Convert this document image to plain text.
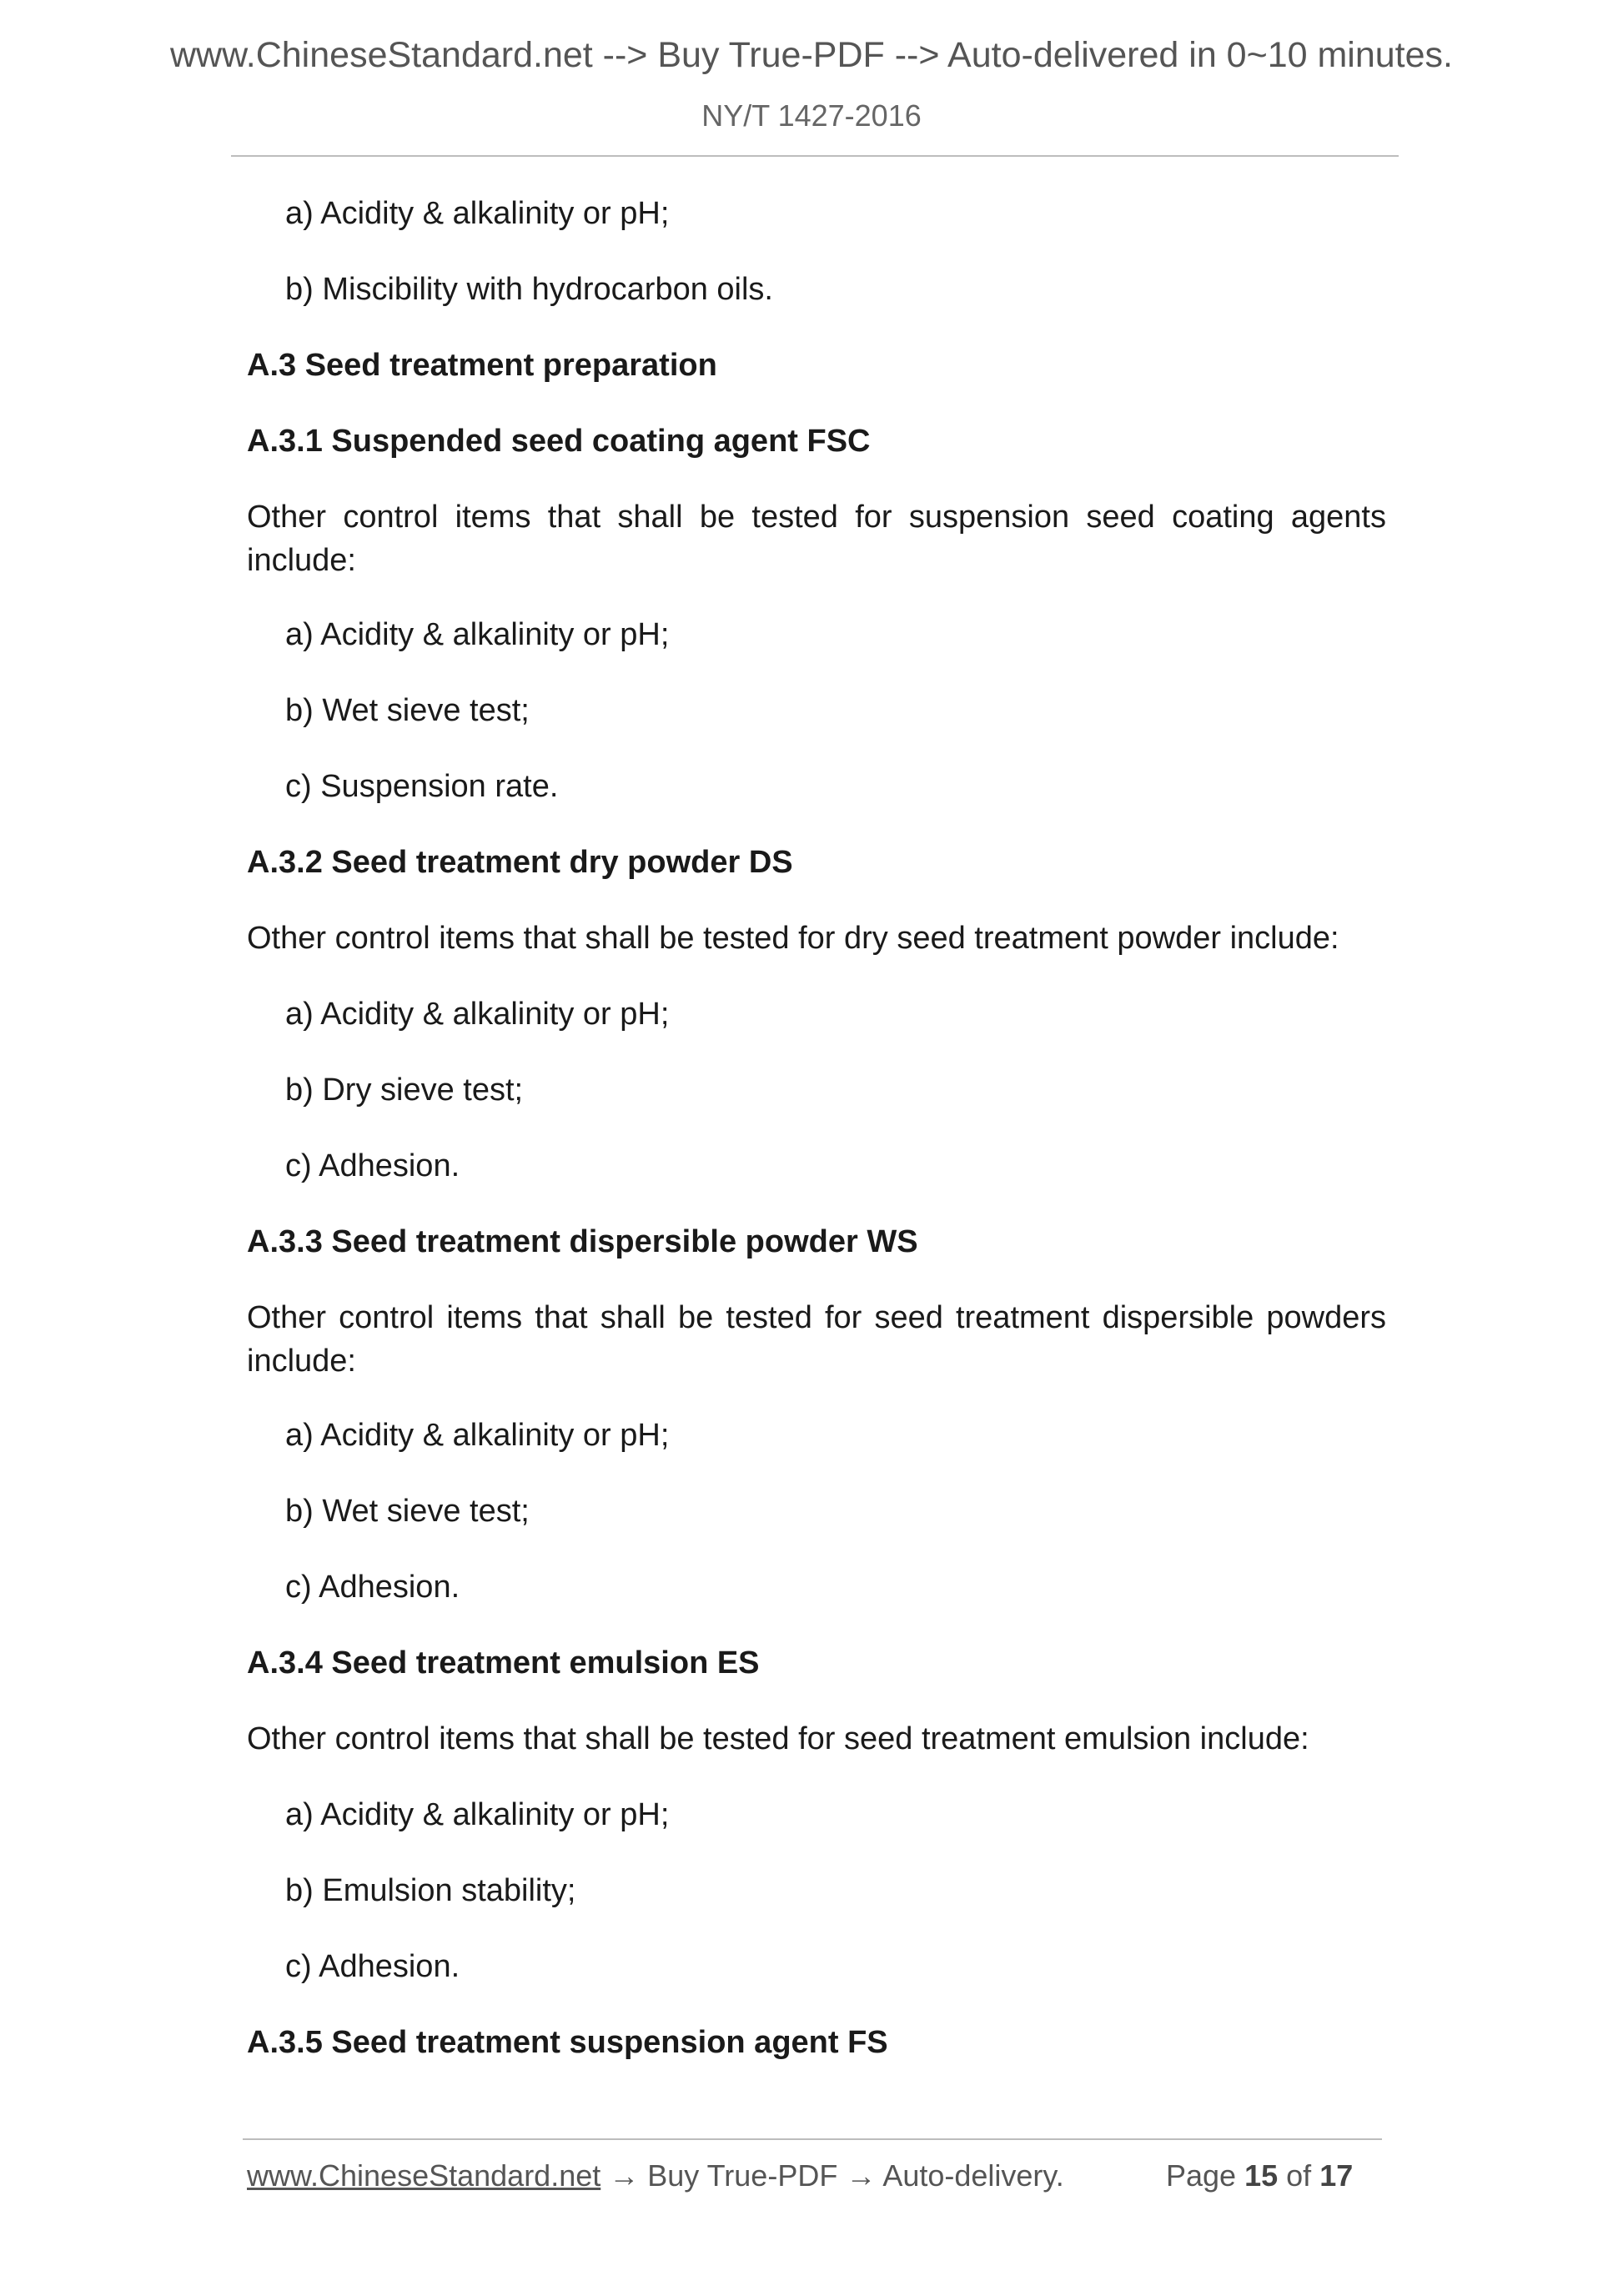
www.ChineseStandard.net --> Buy True-PDF --> Auto-delivered in 0~10 minutes.
NY/T 1427-2016
a) Acidity & alkalinity or pH;
b) Miscibility with hydrocarbon oils.
A.3 Seed treatment preparation
A.3.1 Suspended seed coating agent FSC
Other control items that shall be tested for suspension seed coating agents include:
a) Acidity & alkalinity or pH;
b) Wet sieve test;
c) Suspension rate.
A.3.2 Seed treatment dry powder DS
Other control items that shall be tested for dry seed treatment powder include:
a) Acidity & alkalinity or pH;
b) Dry sieve test;
c) Adhesion.
A.3.3 Seed treatment dispersible powder WS
Other control items that shall be tested for seed treatment dispersible powders include:
a) Acidity & alkalinity or pH;
b) Wet sieve test;
c) Adhesion.
A.3.4 Seed treatment emulsion ES
Other control items that shall be tested for seed treatment emulsion include:
a) Acidity & alkalinity or pH;
b) Emulsion stability;
c) Adhesion.
A.3.5 Seed treatment suspension agent FS
www.ChineseStandard.net → Buy True-PDF → Auto-delivery.	Page 15 of 17
